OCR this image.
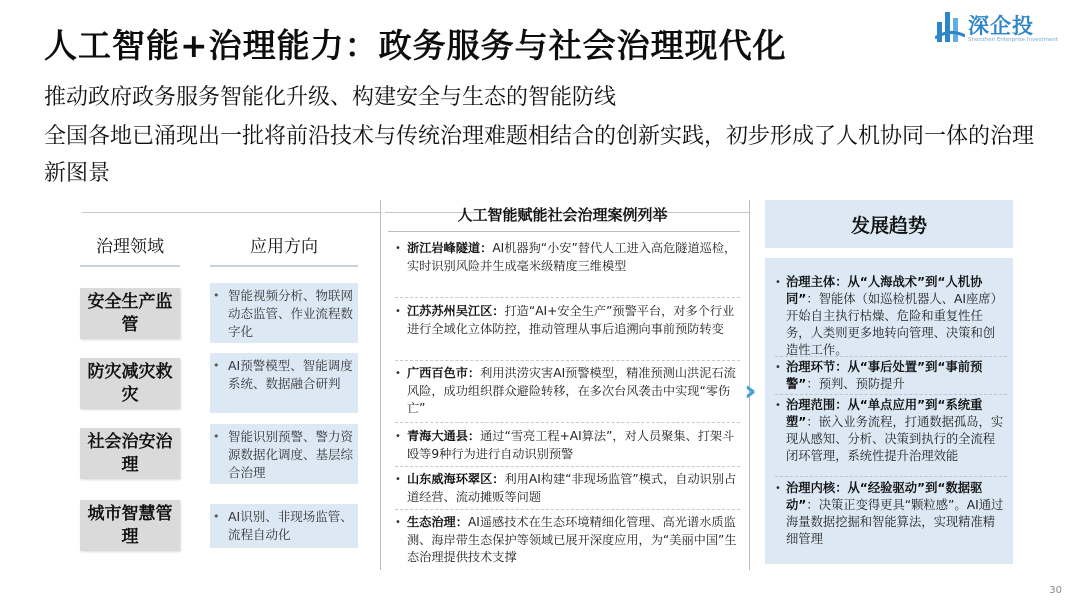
人工智能+治理能力：政务服务与社会治理现代化
推动政府政务服务智能化升级、构建安全与生态的智能防线
全国各地已涌现出一批将前沿技术与传统治理难题相结合的创新实践，初步形成了人机协同一体的治理新图景
深企投
Shenzhen Enterprise Investment
治理领域	应用方向
安全生产监管
• 智能视频分析、物联网动态监管、作业流程数字化
防灾减灾救灾
• AI预警模型、智能调度系统、数据融合研判
社会治安治理
• 智能识别预警、警力资源数据化调度、基层综合治理
城市智慧管理
• AI识别、非现场监管、流程自动化
人工智能赋能社会治理案例列举
• 浙江岩峰隧道：AI机器狗“小安”替代人工进入高危隧道巡检，实时识别风险并生成毫米级精度三维模型
• 江苏苏州吴江区：打造“AI+安全生产”预警平台，对多个行业进行全域化立体防控，推动管理从事后追溯向事前预防转变
• 广西百色市：利用洪涝灾害AI预警模型，精准预测山洪泥石流风险，成功组织群众避险转移，在多次台风袭击中实现“零伤亡”
• 青海大通县：通过“雪亮工程+AI算法”，对人员聚集、打架斗殴等9种行为进行自动识别预警
• 山东威海环翠区：利用AI构建“非现场监管”模式，自动识别占道经营、流动摊贩等问题
• 生态治理：AI遥感技术在生态环境精细化管理、高光谱水质监测、海岸带生态保护等领域已展开深度应用，为“美丽中国”生态治理提供技术支撑
发展趋势
• 治理主体：从“人海战术”到“人机协同”：智能体（如巡检机器人、AI座席）开始自主执行枯燥、危险和重复性任务，人类则更多地转向管理、决策和创造性工作。
• 治理环节：从“事后处置”到“事前预警”：预判、预防提升
• 治理范围：从“单点应用”到“系统重塑”：嵌入业务流程，打通数据孤岛，实现从感知、分析、决策到执行的全流程闭环管理，系统性提升治理效能
• 治理内核：从“经验驱动”到“数据驱动”：决策正变得更具“颗粒感”。AI通过海量数据挖掘和智能算法，实现精准精细管理
30
